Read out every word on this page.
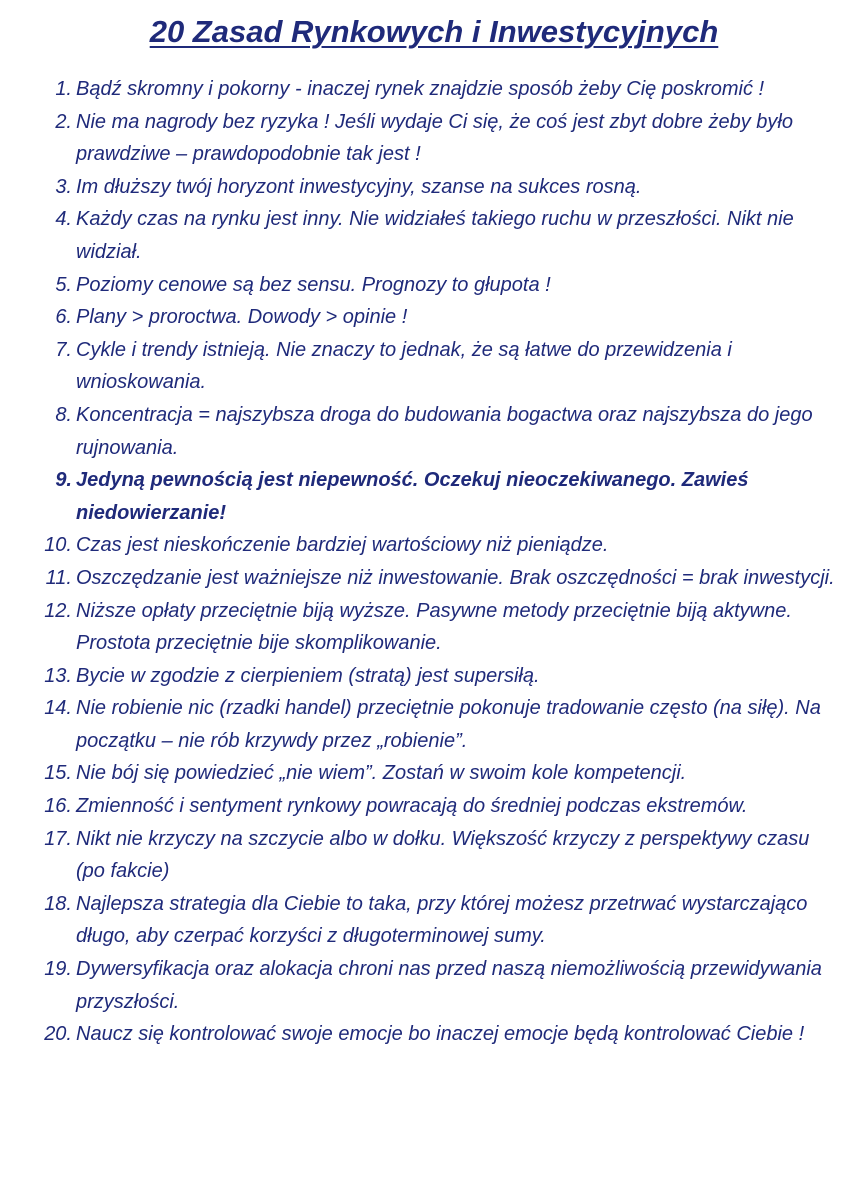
20 Zasad Rynkowych i Inwestycyjnych
1. Bądź skromny i pokorny - inaczej rynek znajdzie sposób żeby Cię poskromić !
2. Nie ma nagrody bez ryzyka ! Jeśli wydaje Ci się, że coś jest zbyt dobre żeby było prawdziwe – prawdopodobnie tak jest !
3. Im dłuższy twój horyzont inwestycyjny, szanse na sukces rosną.
4. Każdy czas na rynku jest inny. Nie widziałeś takiego ruchu w przeszłości. Nikt nie widział.
5. Poziomy cenowe są bez sensu. Prognozy to głupota !
6. Plany > proroctwa. Dowody > opinie !
7. Cykle i trendy istnieją. Nie znaczy to jednak, że są łatwe do przewidzenia i wnioskowania.
8. Koncentracja = najszybsza droga do budowania bogactwa oraz najszybsza do jego rujnowania.
9. Jedyną pewnością jest niepewność. Oczekuj nieoczekiwanego. Zawieś niedowierzanie!
10. Czas jest nieskończenie bardziej wartościowy niż pieniądze.
11. Oszczędzanie jest ważniejsze niż inwestowanie. Brak oszczędności = brak inwestycji.
12. Niższe opłaty przeciętnie biją wyższe. Pasywne metody przeciętnie biją aktywne. Prostota przeciętnie bije skomplikowanie.
13. Bycie w zgodzie z cierpieniem (stratą) jest supersiłą.
14. Nie robienie nic (rzadki handel) przeciętnie pokonuje tradowanie często (na siłę). Na początku – nie rób krzywdy przez „robienie”.
15. Nie bój się powiedzieć „nie wiem”. Zostań w swoim kole kompetencji.
16. Zmienność i sentyment rynkowy powracają do średniej podczas ekstremów.
17. Nikt nie krzyczy na szczycie albo w dołku. Większość krzyczy z perspektywy czasu (po fakcie)
18. Najlepsza strategia dla Ciebie to taka, przy której możesz przetrwać wystarczająco długo, aby czerpać korzyści z długoterminowej sumy.
19. Dywersyfikacja oraz alokacja chroni nas przed naszą niemożliwością przewidywania przyszłości.
20. Naucz się kontrolować swoje emocje bo inaczej emocje będą kontrolować Ciebie !
